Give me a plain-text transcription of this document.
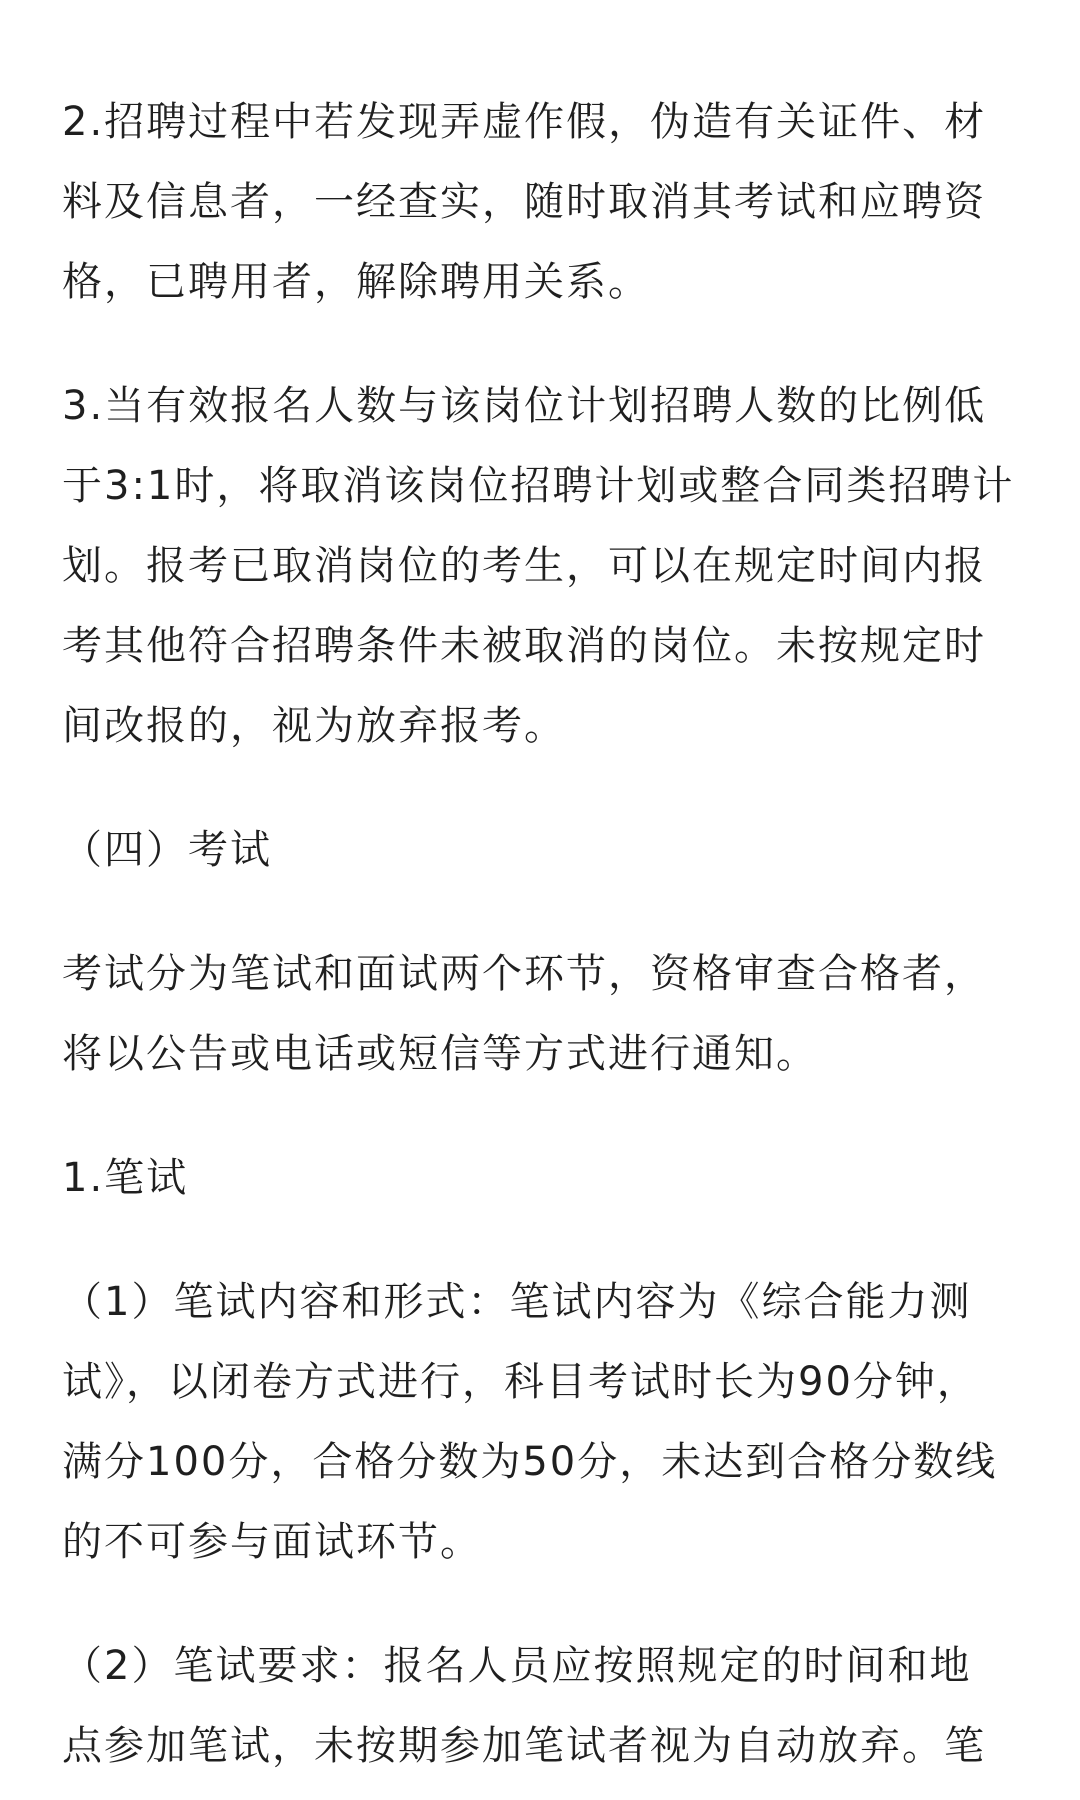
2.招聘过程中若发现弄虚作假，伪造有关证件、材
料及信息者，一经查实，随时取消其考试和应聘资
格，已聘用者，解除聘用关系。
3.当有效报名人数与该岗位计划招聘人数的比例低
于3:1时，将取消该岗位招聘计划或整合同类招聘计
划。报考已取消岗位的考生，可以在规定时间内报
考其他符合招聘条件未被取消的岗位。未按规定时
间改报的，视为放弃报考。
（四）考试
考试分为笔试和面试两个环节，资格审查合格者，
将以公告或电话或短信等方式进行通知。
1.笔试
（1）笔试内容和形式：笔试内容为《综合能力测
试》，以闭卷方式进行，科目考试时长为90分钟，
满分100分，合格分数为50分，未达到合格分数线
的不可参与面试环节。
（2）笔试要求：报名人员应按照规定的时间和地
点参加笔试，未按期参加笔试者视为自动放弃。笔
